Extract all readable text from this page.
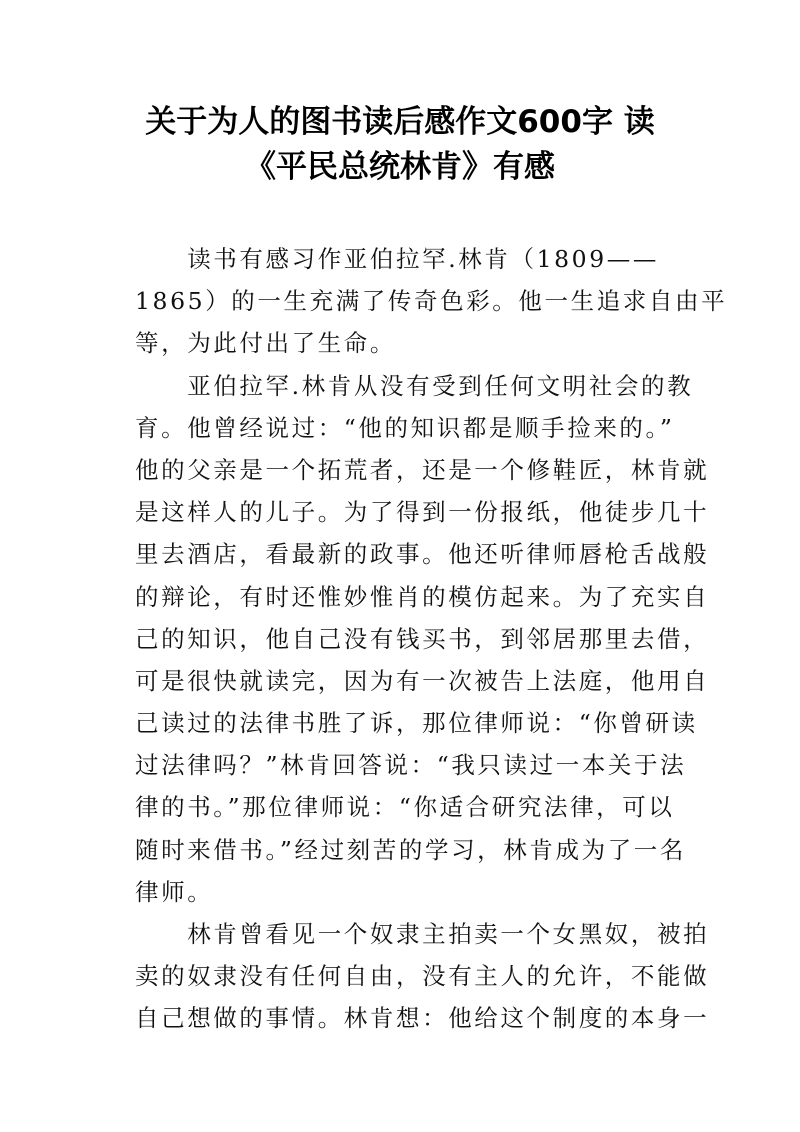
关于为人的图书读后感作文600字 读
《平民总统林肯》有感
　　读书有感习作亚伯拉罕.林肯（1809——
1865）的一生充满了传奇色彩。他一生追求自由平
等，为此付出了生命。
　　亚伯拉罕.林肯从没有受到任何文明社会的教
育。他曾经说过：“他的知识都是顺手捡来的。”
他的父亲是一个拓荒者，还是一个修鞋匠，林肯就
是这样人的儿子。为了得到一份报纸，他徒步几十
里去酒店，看最新的政事。他还听律师唇枪舌战般
的辩论，有时还惟妙惟肖的模仿起来。为了充实自
己的知识，他自己没有钱买书，到邻居那里去借，
可是很快就读完，因为有一次被告上法庭，他用自
己读过的法律书胜了诉，那位律师说：“你曾研读
过法律吗？”林肯回答说：“我只读过一本关于法
律的书。”那位律师说：“你适合研究法律，可以
随时来借书。”经过刻苦的学习，林肯成为了一名
律师。
　　林肯曾看见一个奴隶主拍卖一个女黑奴，被拍
卖的奴隶没有任何自由，没有主人的允许，不能做
自己想做的事情。林肯想：他给这个制度的本身一
